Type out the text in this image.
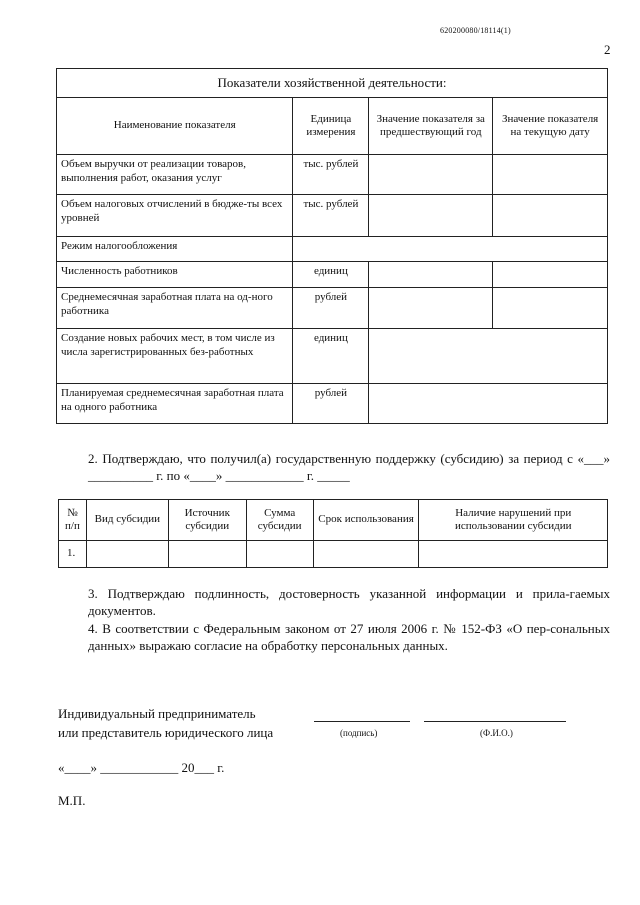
620200080/18114(1)
2
Показатели хозяйственной деятельности:			
Наименование показателя	Единица измерения	Значение показателя за предшествующий год	Значение показателя на текущую дату
Объем выручки от реализации товаров, выполнения работ, оказания услуг	тыс. рублей		
Объем налоговых отчислений в бюдже-ты всех уровней	тыс. рублей		
Режим налогообложения			
Численность работников	единиц		
Среднемесячная заработная плата на од-ного работника	рублей		
Создание новых рабочих мест, в том числе из числа зарегистрированных без-работных	единиц		
Планируемая среднемесячная заработная плата на одного работника	рублей		

2. Подтверждаю, что получил(а) государственную поддержку (субсидию) за период с «___» __________ г. по «____» ____________ г. _____

№ п/п	Вид субсидии	Источник субсидии	Сумма субсидии	Срок использования	Наличие нарушений при использовании субсидии
1.					

3. Подтверждаю подлинность, достоверность указанной информации и прила-гаемых документов.

4. В соответствии с Федеральным законом от 27 июля 2006 г. № 152-ФЗ «О пер-сональных данных» выражаю согласие на обработку персональных данных.

Индивидуальный предприниматель
или представитель юридического лица	(подпись)	(Ф.И.О.)
«____» ____________ 20___ г.
М.П.
